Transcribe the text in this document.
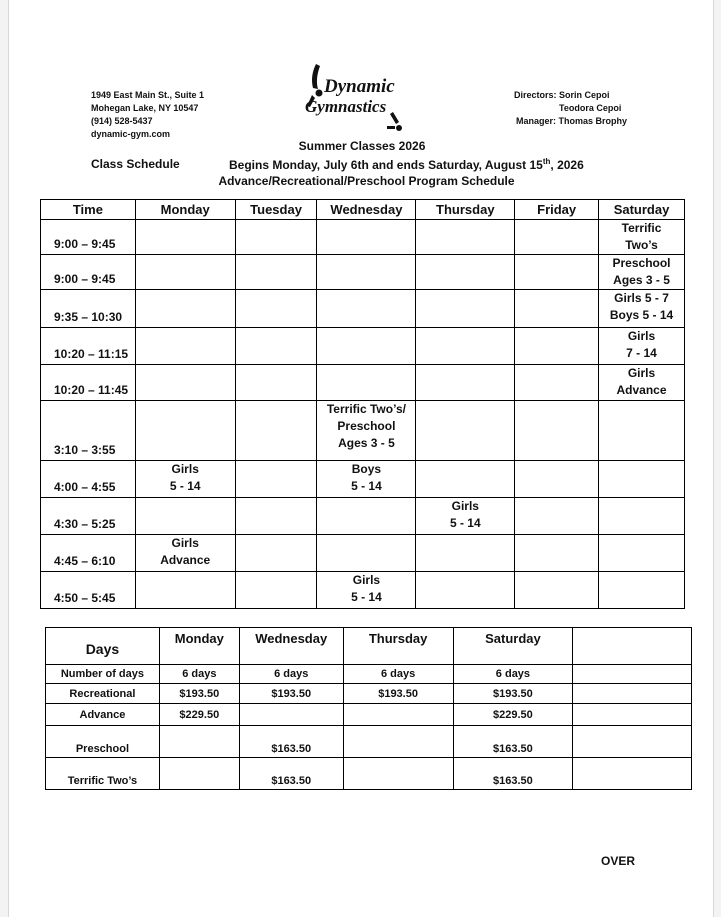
1949 East Main St., Suite 1
Mohegan Lake, NY 10547
(914) 528-5437
dynamic-gym.com
Dynamic
Gymnastics
Directors: Sorin Cepoi
Teodora Cepoi
Manager: Thomas Brophy
Summer Classes 2026
Class Schedule	Begins Monday, July 6th and ends Saturday, August 15th, 2026
Advance/Recreational/Preschool Program Schedule
Time	Monday	Tuesday	Wednesday	Thursday	Friday	Saturday
9:00 – 9:45						Terrific
Two’s

9:00 – 9:45						Preschool
Ages 3 - 5

9:35 – 10:30						Girls 5 - 7
Boys 5 - 14

10:20 – 11:15						Girls
7 - 14

10:20 – 11:45						Girls
Advance

3:10 – 3:55			Terrific Two’s/
Preschool
Ages 3 - 5			

4:00 – 4:55	Girls
5 - 14		Boys
5 - 14			

4:30 – 5:25				Girls
5 - 14		

4:45 – 6:10	Girls
Advance					

4:50 – 5:45			Girls
5 - 14			

Days	Monday	Wednesday	Thursday	Saturday	
Number of days	6 days	6 days	6 days	6 days	
Recreational	$193.50	$193.50	$193.50	$193.50	
Advance	$229.50			$229.50	
Preschool		$163.50		$163.50	
Terrific Two’s		$163.50		$163.50	
OVER
